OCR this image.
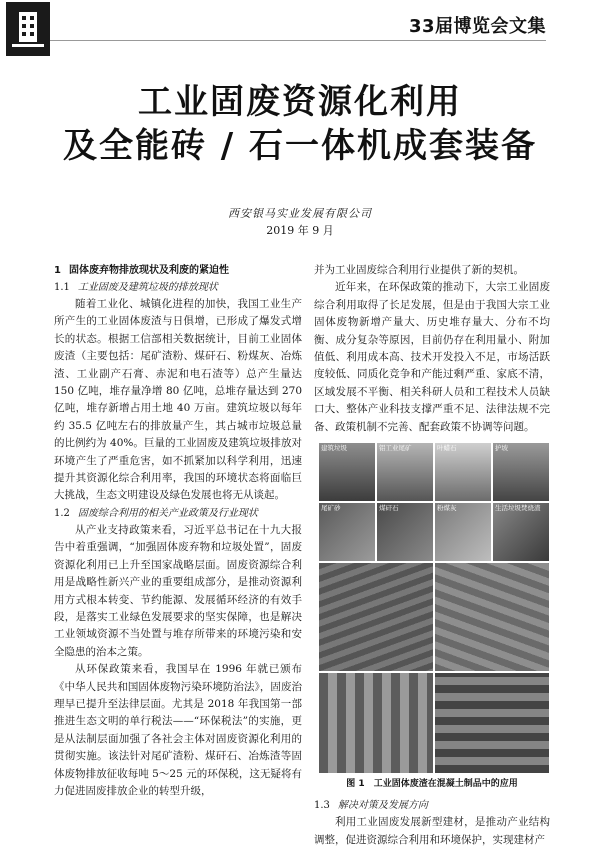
33届博览会文集
工业固废资源化利用
及全能砖 / 石一体机成套装备
西安银马实业发展有限公司
2019 年 9 月
1 固体废弃物排放现状及利废的紧迫性
1.1 工业固废及建筑垃圾的排放现状

随着工业化、城镇化进程的加快，我国工业生产所产生的工业固体废渣与日俱增，已形成了爆发式增长的状态。根据工信部相关数据统计，目前工业固体废渣（主要包括：尾矿渣粉、煤矸石、粉煤灰、冶炼渣、工业副产石膏、赤泥和电石渣等）总产生量达 150 亿吨，堆存量净增 80 亿吨，总堆存量达到 270 亿吨，堆存新增占用土地 40 万亩。建筑垃圾以每年约 35.5 亿吨左右的排放量产生，其占城市垃圾总量的比例约为 40%。巨量的工业固废及建筑垃圾排放对环境产生了严重危害，如不抓紧加以科学利用，迅速提升其资源化综合利用率，我国的环境状态将面临巨大挑战，生态文明建设及绿色发展也将无从谈起。

1.2 固废综合利用的相关产业政策及行业现状

从产业支持政策来看，习近平总书记在十九大报告中着重强调，“加强固体废弃物和垃圾处置”，固废资源化利用已上升至国家战略层面。固废资源综合利用是战略性新兴产业的重要组成部分，是推动资源利用方式根本转变、节约能源、发展循环经济的有效手段，是落实工业绿色发展要求的坚实保障，也是解决工业领域资源不当处置与堆存所带来的环境污染和安全隐患的治本之策。

从环保政策来看，我国早在 1996 年就已颁布《中华人民共和国固体废物污染环境防治法》，固废治理早已提升至法律层面。尤其是 2018 年我国第一部推进生态文明的单行税法——“环保税法”的实施，更是从法制层面加强了各社会主体对固废资源化利用的贯彻实施。该法针对尾矿渣粉、煤矸石、冶炼渣等固体废物排放征收每吨 5～25 元的环保税，这无疑将有力促进固废排放企业的转型升级，

并为工业固废综合利用行业提供了新的契机。

近年来，在环保政策的推动下，大宗工业固废综合利用取得了长足发展，但是由于我国大宗工业固体废物新增产量大、历史堆存量大、分布不均衡、成分复杂等原因，目前仍存在利用量小、附加值低、利用成本高、技术开发投入不足，市场活跃度较低、同质化竞争和产能过剩严重、家底不清，区域发展不平衡、相关科研人员和工程技术人员缺口大、整体产业科技支撑严重不足、法律法规不完备、政策机制不完善、配套政策不协调等问题。

建筑垃圾	铝工业尾矿	叶蜡石	护坡
尾矿砂	煤矸石	粉煤灰	生活垃圾焚烧渣
图 1　工业固体废渣在混凝土制品中的应用
1.3 解决对策及发展方向

利用工业固废发展新型建材，是推动产业结构调整，促进资源综合利用和环境保护，实现建材产
